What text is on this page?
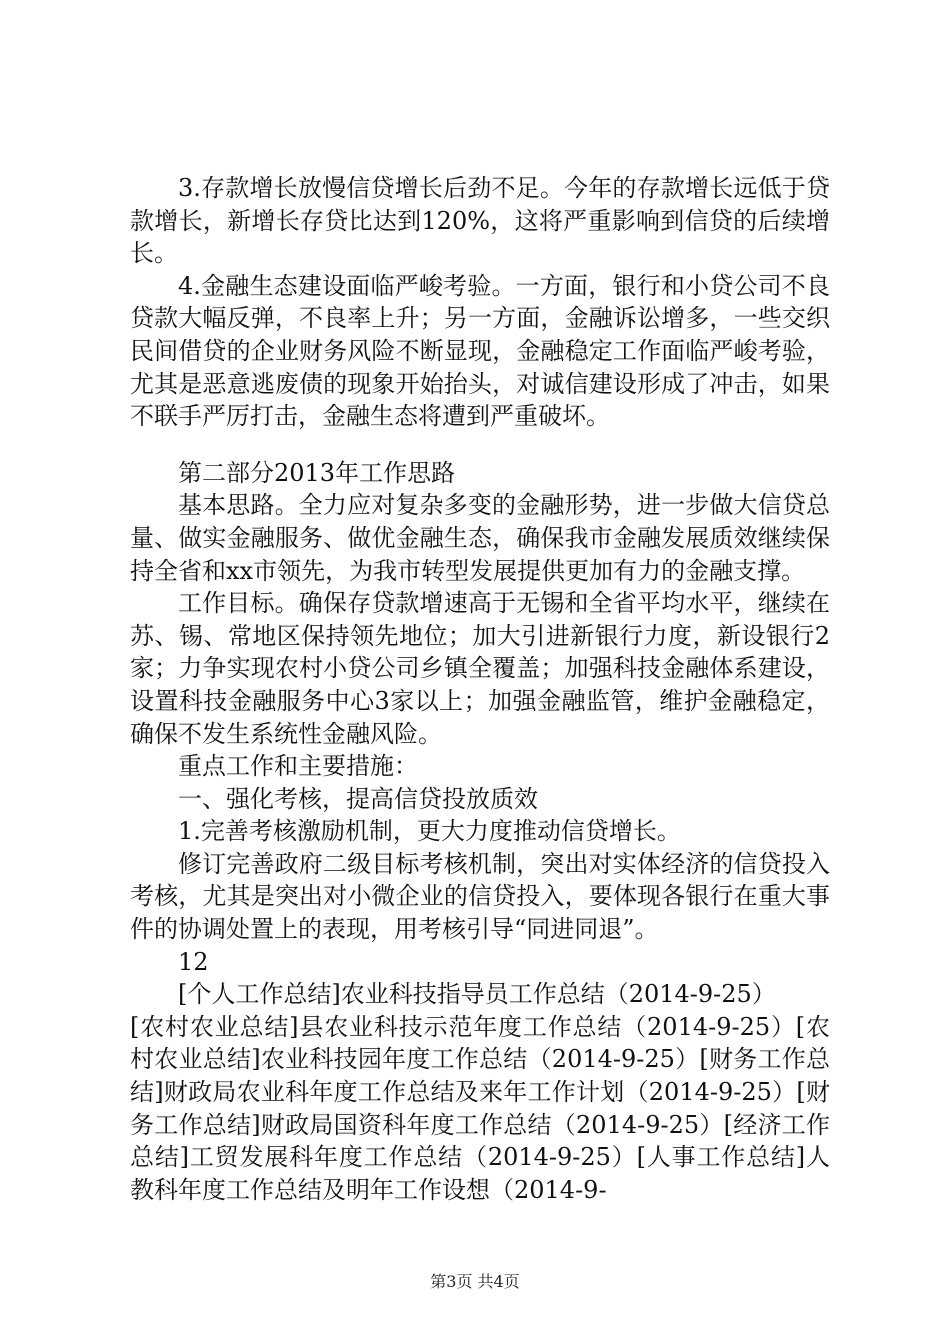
3.存款增长放慢信贷增长后劲不足。今年的存款增长远低于贷款增长，新增长存贷比达到120%，这将严重影响到信贷的后续增长。

4.金融生态建设面临严峻考验。一方面，银行和小贷公司不良贷款大幅反弹，不良率上升；另一方面，金融诉讼增多，一些交织民间借贷的企业财务风险不断显现，金融稳定工作面临严峻考验，尤其是恶意逃废债的现象开始抬头，对诚信建设形成了冲击，如果不联手严厉打击，金融生态将遭到严重破坏。

第二部分2013年工作思路

基本思路。全力应对复杂多变的金融形势，进一步做大信贷总量、做实金融服务、做优金融生态，确保我市金融发展质效继续保持全省和xx市领先，为我市转型发展提供更加有力的金融支撑。

工作目标。确保存贷款增速高于无锡和全省平均水平，继续在苏、锡、常地区保持领先地位；加大引进新银行力度，新设银行2家；力争实现农村小贷公司乡镇全覆盖；加强科技金融体系建设，设置科技金融服务中心3家以上；加强金融监管，维护金融稳定，确保不发生系统性金融风险。

重点工作和主要措施：

一、强化考核，提高信贷投放质效

1.完善考核激励机制，更大力度推动信贷增长。

修订完善政府二级目标考核机制，突出对实体经济的信贷投入考核，尤其是突出对小微企业的信贷投入，要体现各银行在重大事件的协调处置上的表现，用考核引导“同进同退”。

12

[个人工作总结]农业科技指导员工作总结（2014-9-25）

[农村农业总结]县农业科技示范年度工作总结（2014-9-25）[农村农业总结]农业科技园年度工作总结（2014-9-25）[财务工作总结]财政局农业科年度工作总结及来年工作计划（2014-9-25）[财务工作总结]财政局国资科年度工作总结（2014-9-25）[经济工作总结]工贸发展科年度工作总结（2014-9-25）[人事工作总结]人教科年度工作总结及明年工作设想（2014-9-

第3页 共4页
